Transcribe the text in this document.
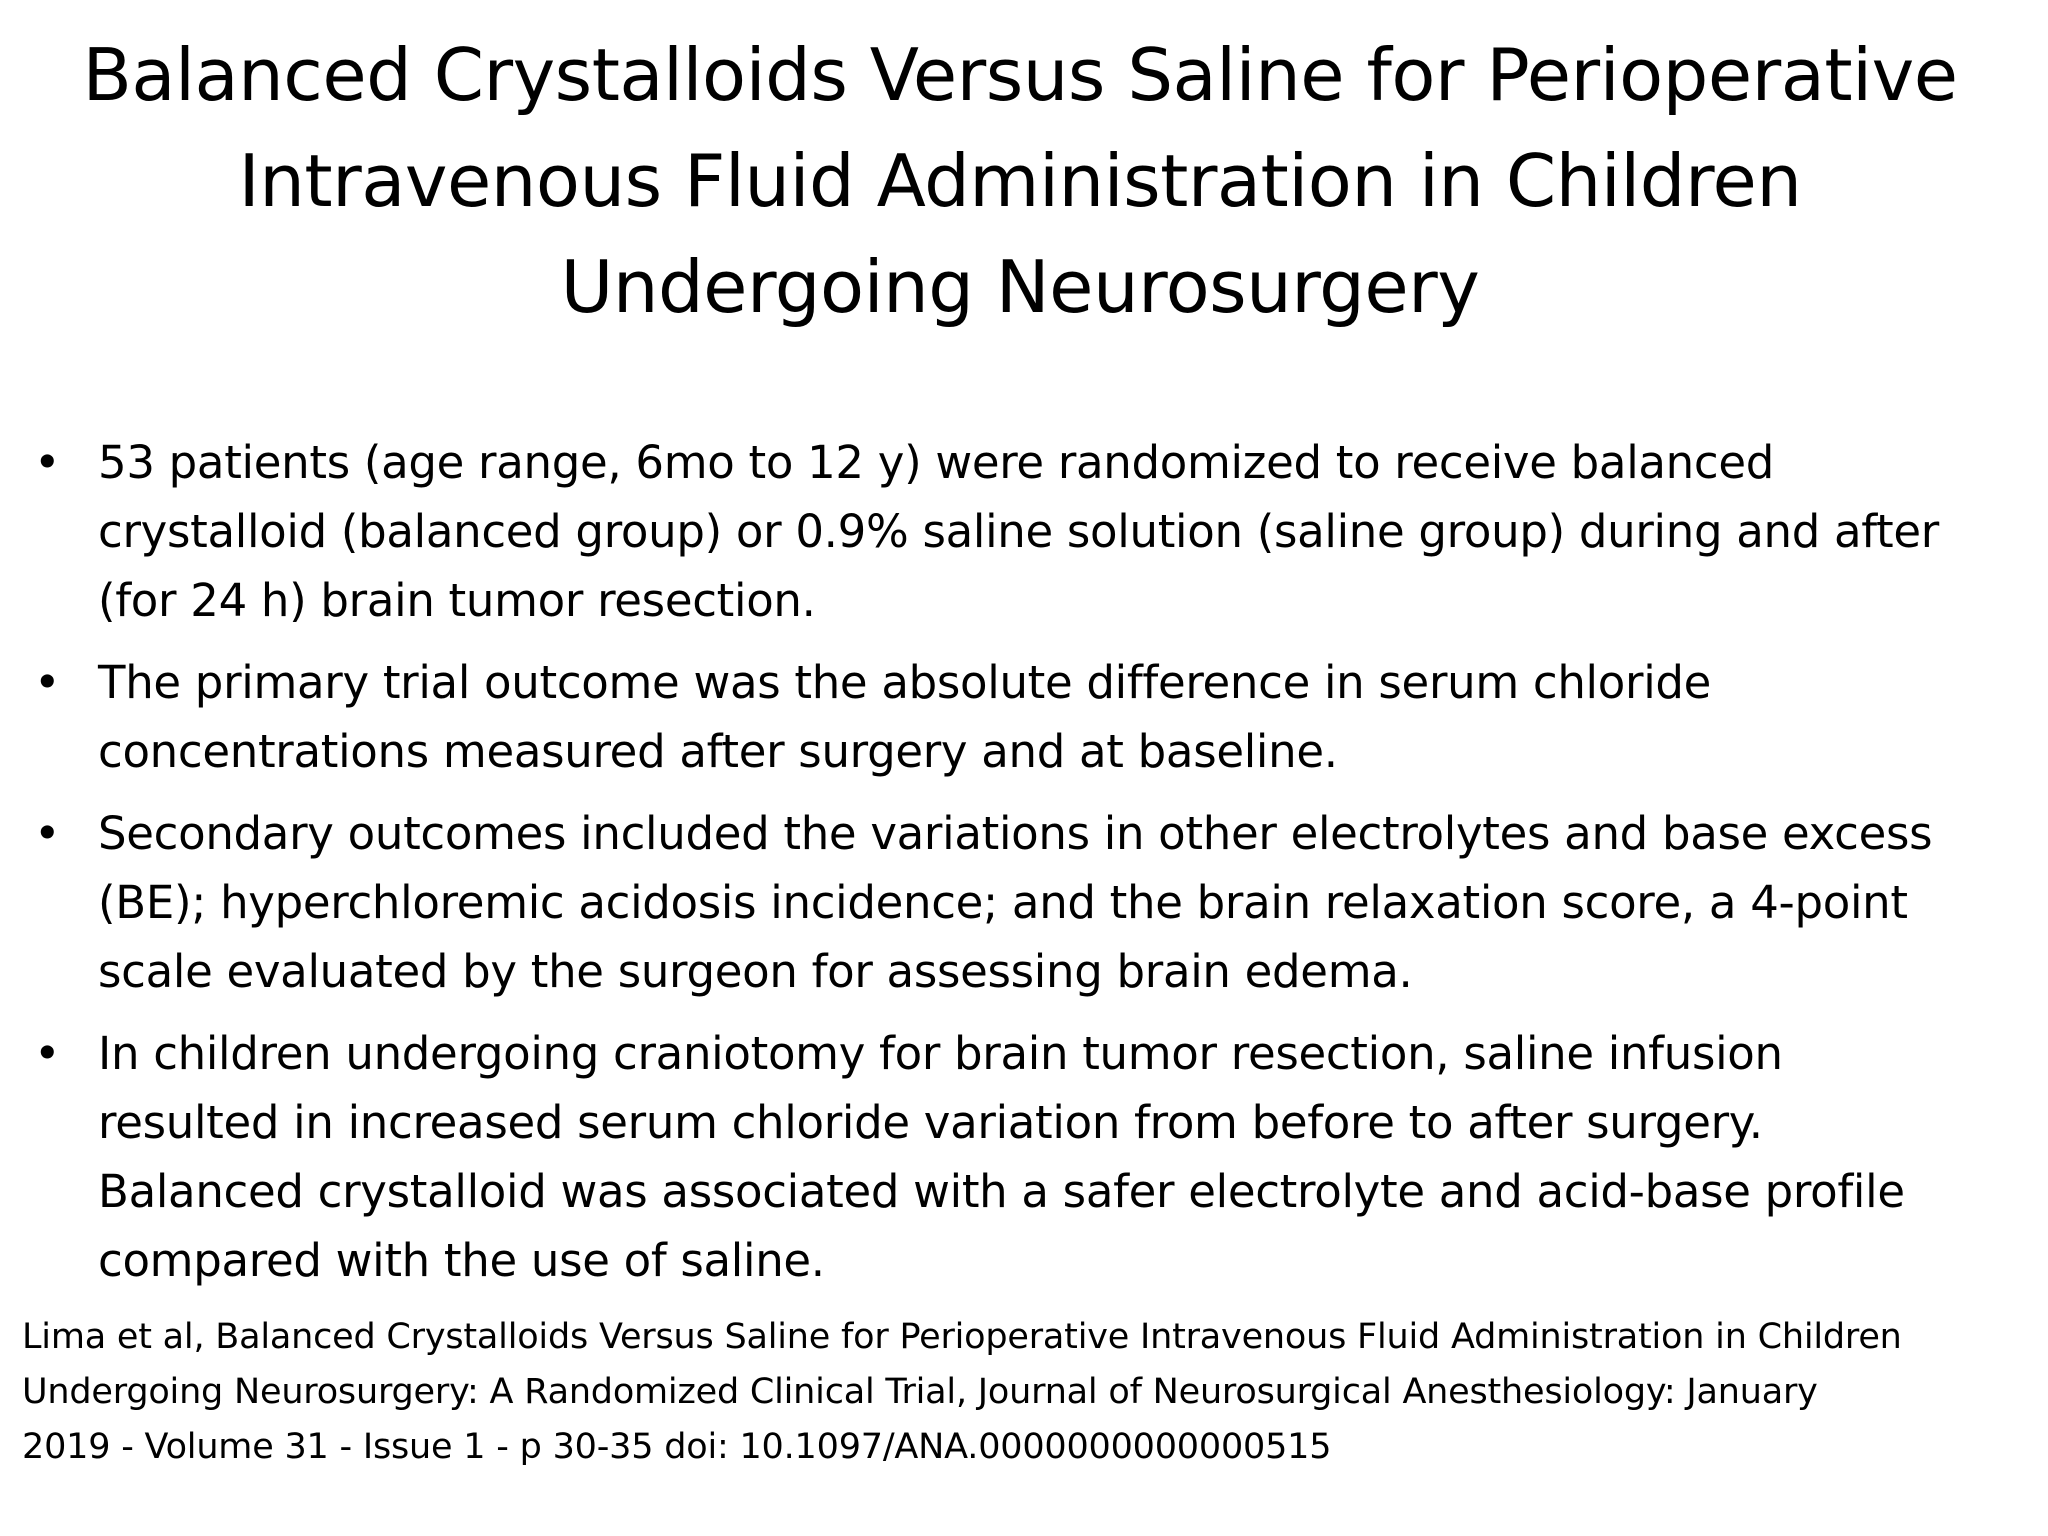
Balanced Crystalloids Versus Saline for Perioperative
Intravenous Fluid Administration in Children
Undergoing Neurosurgery
• 53 patients (age range, 6mo to 12 y) were randomized to receive balanced
crystalloid (balanced group) or 0.9% saline solution (saline group) during and after
(for 24 h) brain tumor resection.
• The primary trial outcome was the absolute difference in serum chloride
concentrations measured after surgery and at baseline.
• Secondary outcomes included the variations in other electrolytes and base excess
(BE); hyperchloremic acidosis incidence; and the brain relaxation score, a 4-point
scale evaluated by the surgeon for assessing brain edema.
• In children undergoing craniotomy for brain tumor resection, saline infusion
resulted in increased serum chloride variation from before to after surgery.
Balanced crystalloid was associated with a safer electrolyte and acid-base profile
compared with the use of saline.
Lima et al, Balanced Crystalloids Versus Saline for Perioperative Intravenous Fluid Administration in Children
Undergoing Neurosurgery: A Randomized Clinical Trial, Journal of Neurosurgical Anesthesiology: January
2019 - Volume 31 - Issue 1 - p 30-35 doi: 10.1097/ANA.0000000000000515
